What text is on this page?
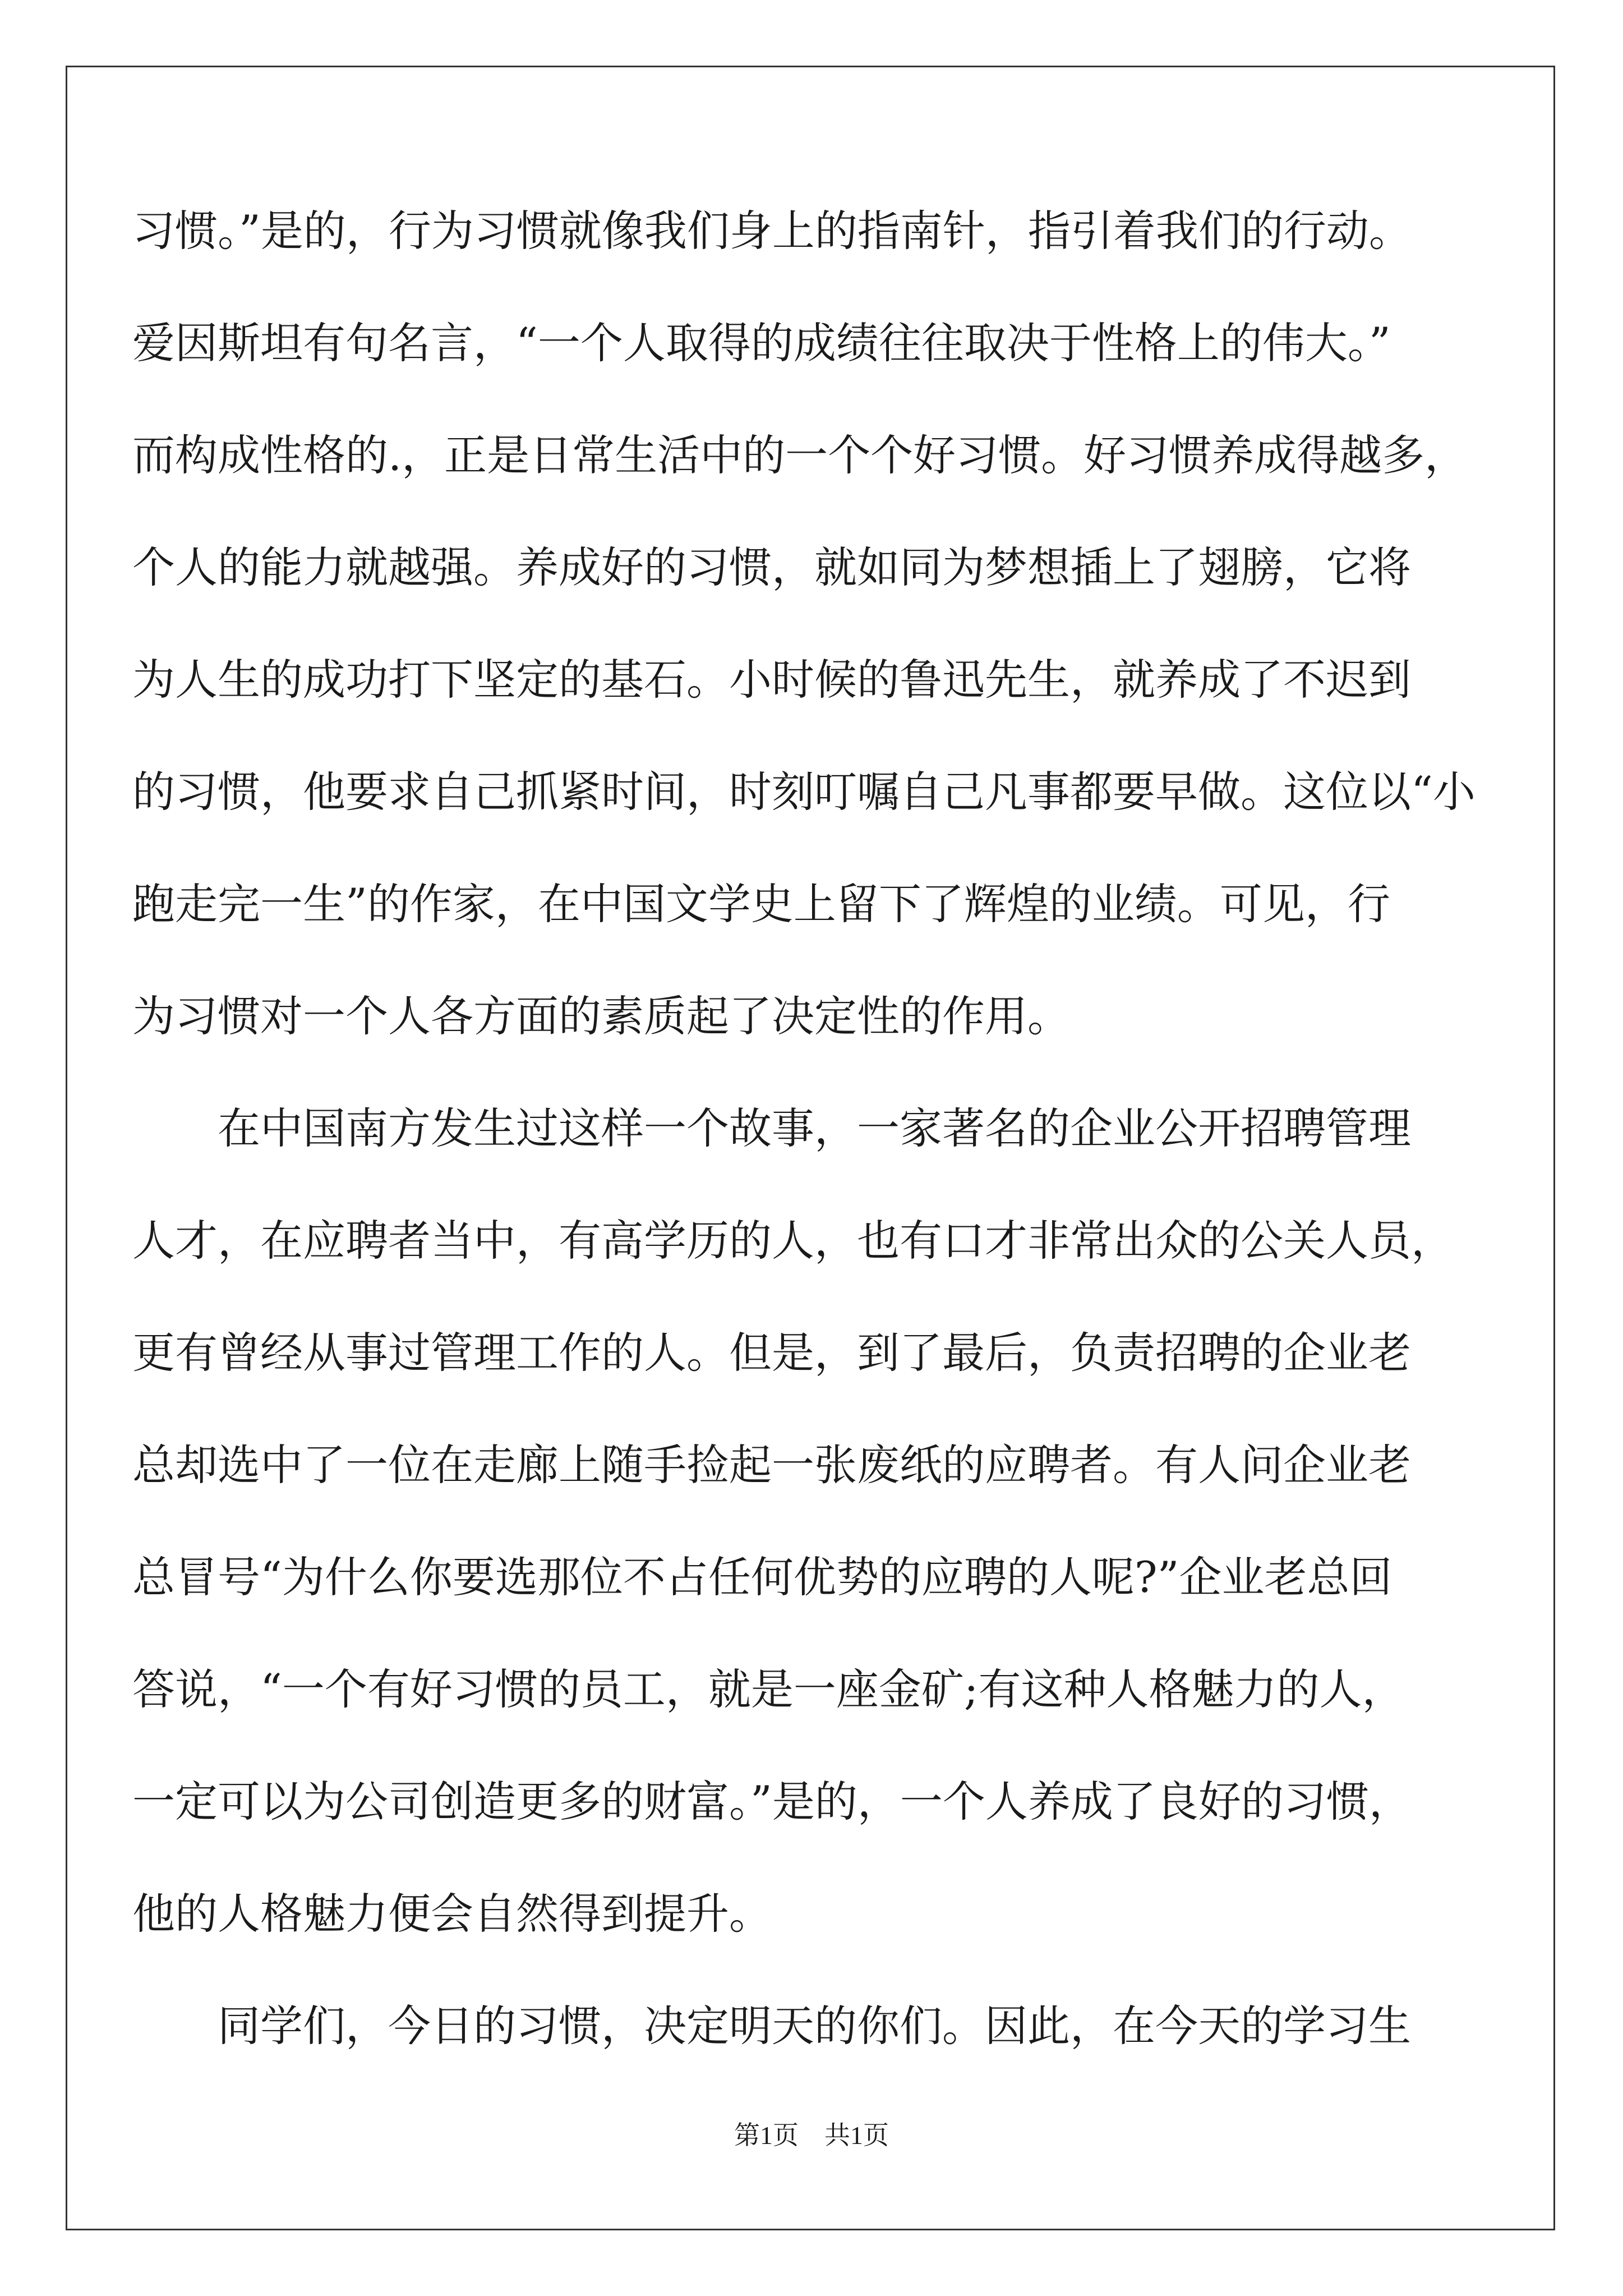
习惯。”是的，行为习惯就像我们身上的指南针，指引着我们的行动。
爱因斯坦有句名言，“一个人取得的成绩往往取决于性格上的伟大。”
而构成性格的.，正是日常生活中的一个个好习惯。好习惯养成得越多，
个人的能力就越强。养成好的习惯，就如同为梦想插上了翅膀，它将
为人生的成功打下坚定的基石。小时候的鲁迅先生，就养成了不迟到
的习惯，他要求自己抓紧时间，时刻叮嘱自己凡事都要早做。这位以“小
跑走完一生”的作家，在中国文学史上留下了辉煌的业绩。可见，行
为习惯对一个人各方面的素质起了决定性的作用。
在中国南方发生过这样一个故事，一家著名的企业公开招聘管理
人才，在应聘者当中，有高学历的人，也有口才非常出众的公关人员，
更有曾经从事过管理工作的人。但是，到了最后，负责招聘的企业老
总却选中了一位在走廊上随手捡起一张废纸的应聘者。有人问企业老
总冒号“为什么你要选那位不占任何优势的应聘的人呢?”企业老总回
答说，“一个有好习惯的员工，就是一座金矿;有这种人格魅力的人，
一定可以为公司创造更多的财富。”是的，一个人养成了良好的习惯，
他的人格魅力便会自然得到提升。
同学们，今日的习惯，决定明天的你们。因此，在今天的学习生
第1页　共1页
